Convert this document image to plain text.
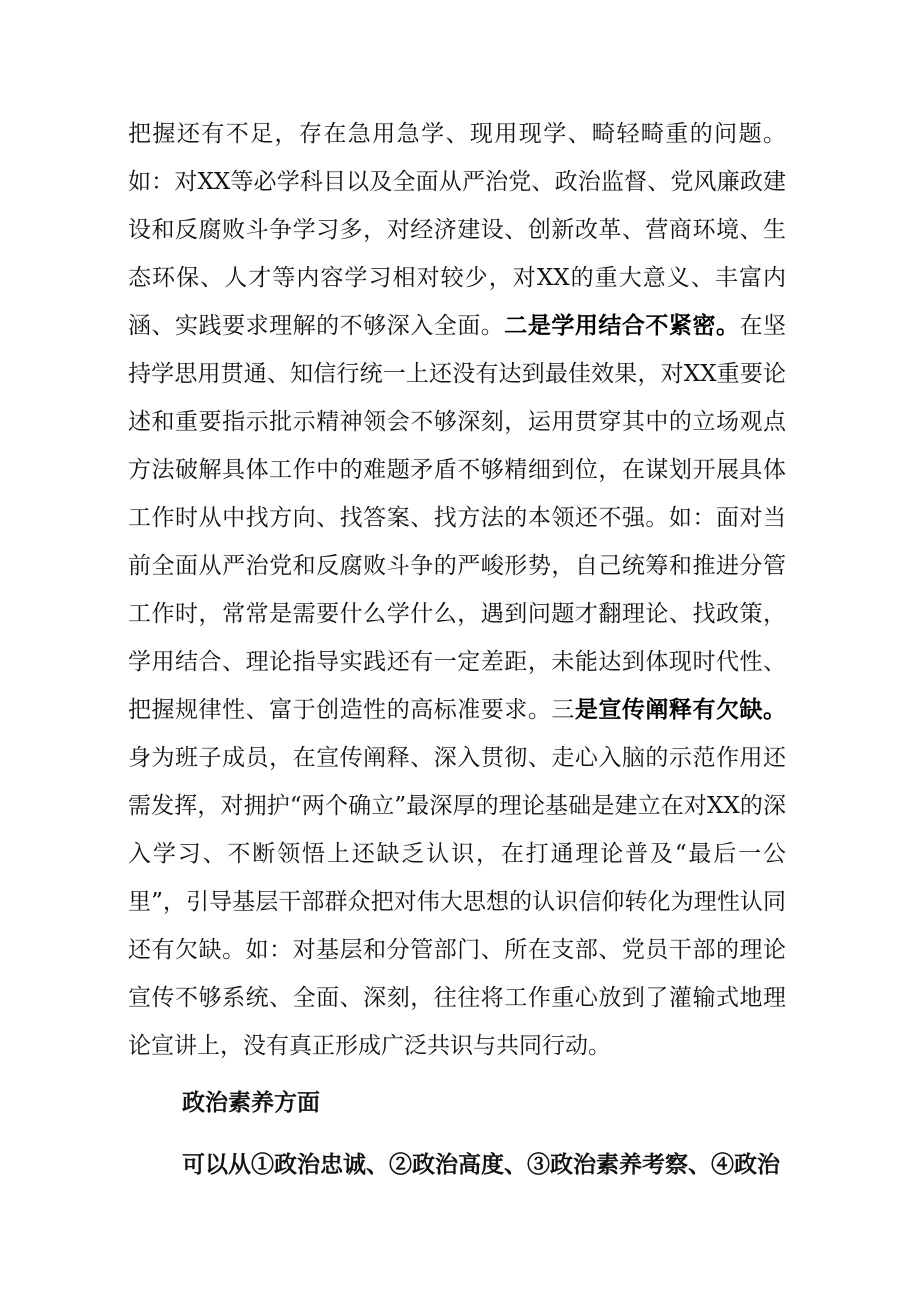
把握还有不足，存在急用急学、现用现学、畸轻畸重的问题。如：对XX等必学科目以及全面从严治党、政治监督、党风廉政建设和反腐败斗争学习多，对经济建设、创新改革、营商环境、生态环保、人才等内容学习相对较少，对XX的重大意义、丰富内涵、实践要求理解的不够深入全面。二是学用结合不紧密。在坚持学思用贯通、知信行统一上还没有达到最佳效果，对XX重要论述和重要指示批示精神领会不够深刻，运用贯穿其中的立场观点方法破解具体工作中的难题矛盾不够精细到位，在谋划开展具体工作时从中找方向、找答案、找方法的本领还不强。如：面对当前全面从严治党和反腐败斗争的严峻形势，自己统筹和推进分管工作时，常常是需要什么学什么，遇到问题才翻理论、找政策，学用结合、理论指导实践还有一定差距，未能达到体现时代性、把握规律性、富于创造性的高标准要求。三是宣传阐释有欠缺。身为班子成员，在宣传阐释、深入贯彻、走心入脑的示范作用还需发挥，对拥护“两个确立”最深厚的理论基础是建立在对XX的深入学习、不断领悟上还缺乏认识，在打通理论普及“最后一公里”，引导基层干部群众把对伟大思想的认识信仰转化为理性认同还有欠缺。如：对基层和分管部门、所在支部、党员干部的理论宣传不够系统、全面、深刻，往往将工作重心放到了灌输式地理论宣讲上，没有真正形成广泛共识与共同行动。

政治素养方面
可以从①政治忠诚、②政治高度、③政治素养考察、④政治
